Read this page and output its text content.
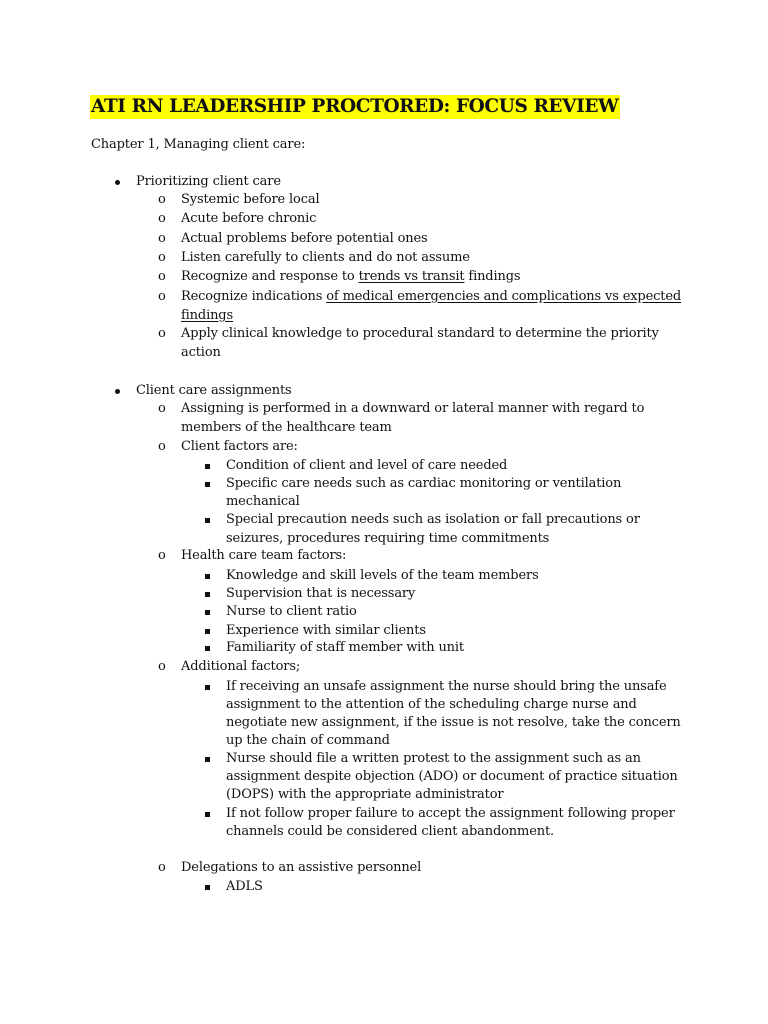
ATI RN LEADERSHIP PROCTORED: FOCUS REVIEW
Chapter 1, Managing client care:
Prioritizing client care
o Systemic before local
o Acute before chronic
o Actual problems before potential ones
o Listen carefully to clients and do not assume
o Recognize and response to trends vs transit findings
o Recognize indications of medical emergencies and complications vs expected
findings
o Apply clinical knowledge to procedural standard to determine the priority
action
Client care assignments
o Assigning is performed in a downward or lateral manner with regard to
members of the healthcare team
o Client factors are:
Condition of client and level of care needed
Specific care needs such as cardiac monitoring or ventilation
mechanical
Special precaution needs such as isolation or fall precautions or
seizures, procedures requiring time commitments
o Health care team factors:
Knowledge and skill levels of the team members
Supervision that is necessary
Nurse to client ratio
Experience with similar clients
Familiarity of staff member with unit
o Additional factors;
If receiving an unsafe assignment the nurse should bring the unsafe
assignment to the attention of the scheduling charge nurse and
negotiate new assignment, if the issue is not resolve, take the concern
up the chain of command
Nurse should file a written protest to the assignment such as an
assignment despite objection (ADO) or document of practice situation
(DOPS) with the appropriate administrator
If not follow proper failure to accept the assignment following proper
channels could be considered client abandonment.
o Delegations to an assistive personnel
ADLS
